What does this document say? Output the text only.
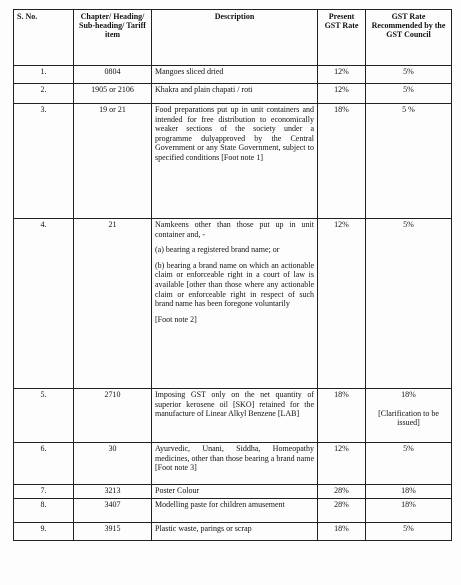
S. No.	Chapter/ Heading/ Sub-heading/ Tariff item	Description	Present GST Rate	GST Rate Recommended by the GST Council
1.	0804	Mangoes sliced dried	12%	5%

2.	1905 or 2106	Khakra and plain chapati / roti	12%	5%

3.	19 or 21	Food preparations put up in unit containers and intended for free distribution to economically weaker sections of the society under a programme dulyapproved by the Central Government or any State Government, subject to specified conditions [Foot note 1]	18%	5 %

4.	21	Namkeens other than those put up in unit container and, -
(a) bearing a registered brand name; or
(b) bearing a brand name on which an actionable claim or enforceable right in a court of law is available [other than those where any actionable claim or enforceable right in respect of such brand name has been foregone voluntarily
[Foot note 2]	12%	5%

5.	2710	Imposing GST only on the net quantity of superior kerosene oil [SKO] retained for the manufacture of Linear Alkyl Benzene [LAB]	18%	18%
[Clarification to be issued]

6.	30	Ayurvedic, Unani, Siddha, Homeopathy medicines, other than those bearing a brand name [Foot note 3]	12%	5%

7.	3213	Poster Colour	28%	18%

8.	3407	Modelling paste for children amusement	28%	18%

9.	3915	Plastic waste, parings or scrap	18%	5%
